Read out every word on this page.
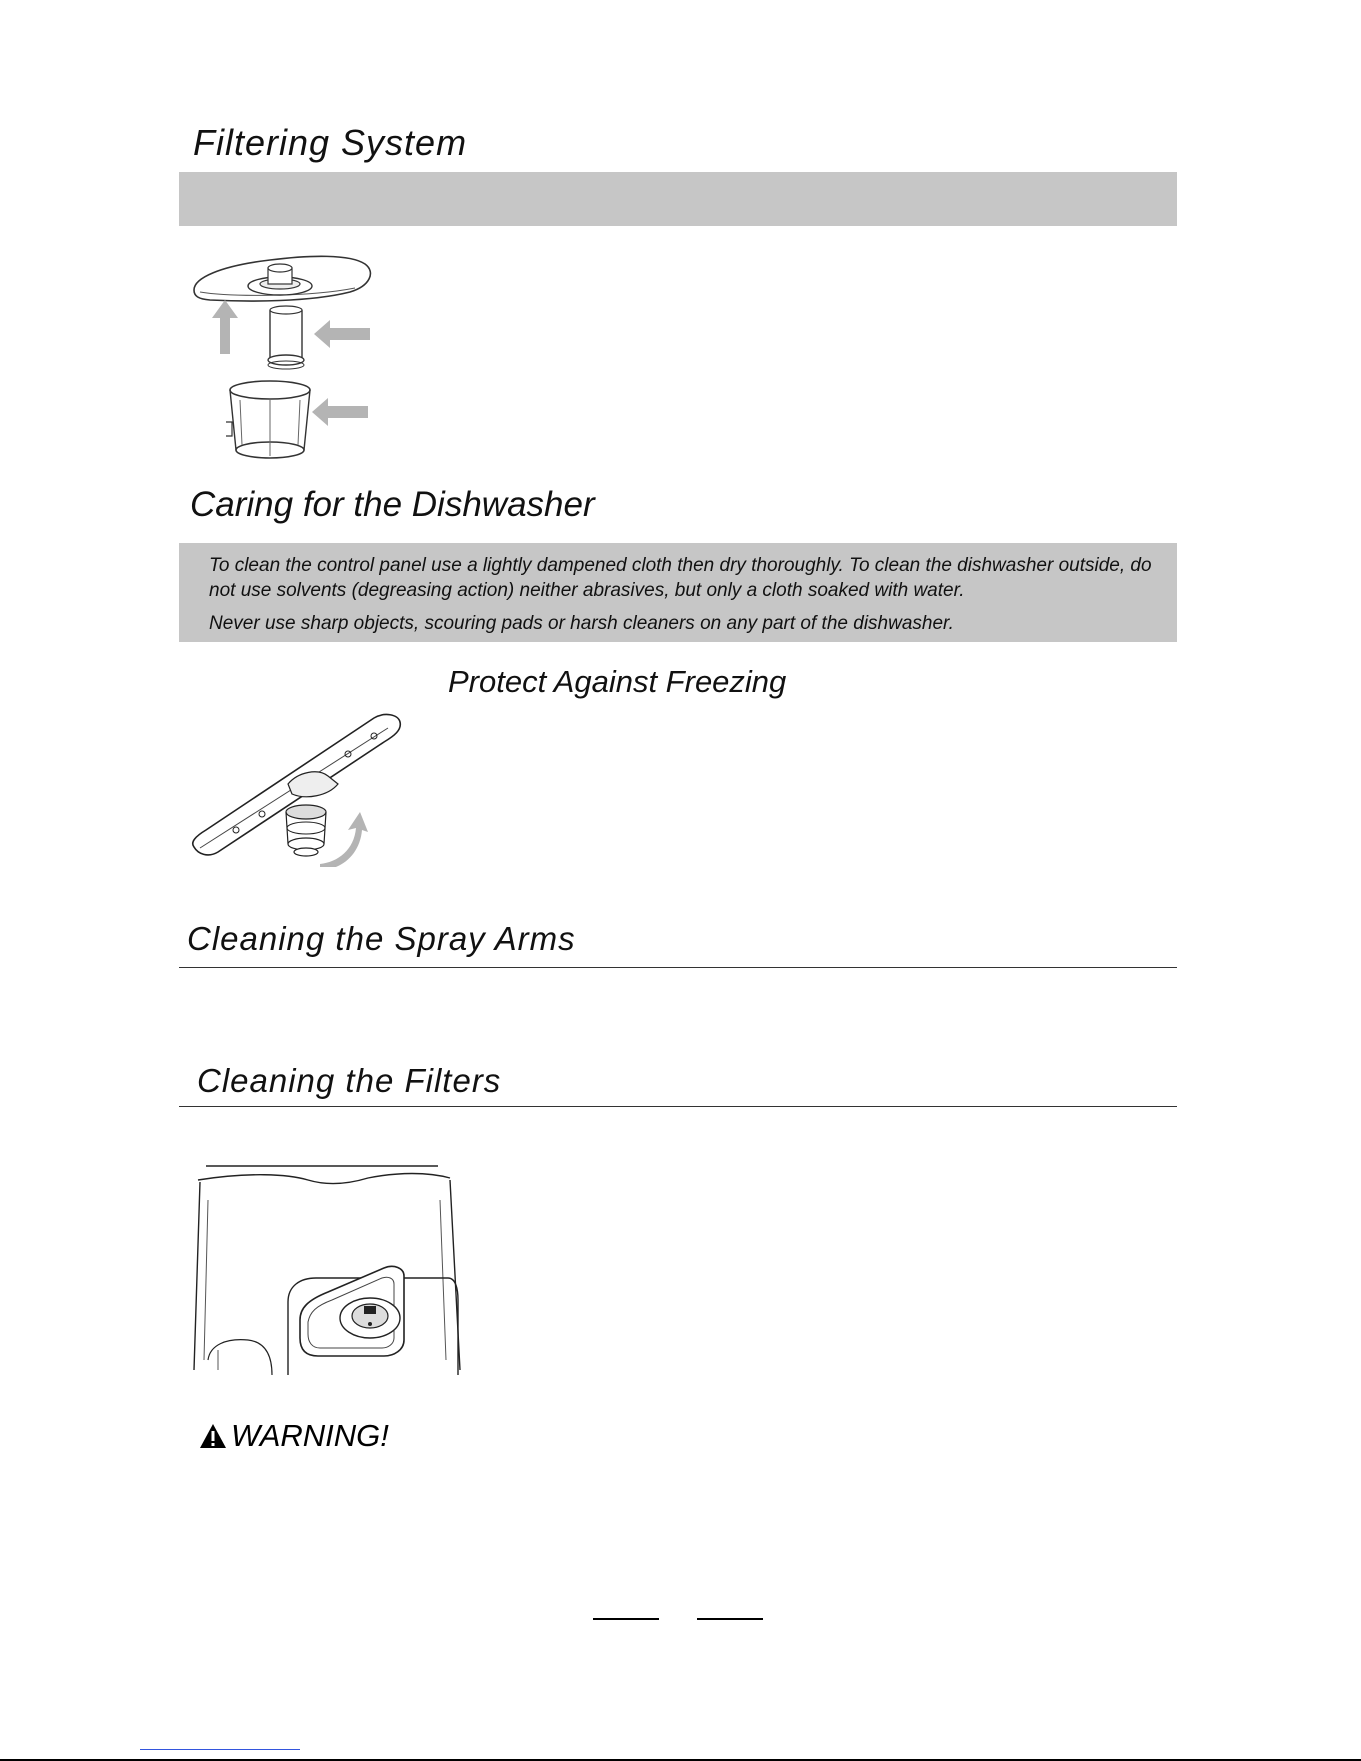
Filtering System
Caring for the Dishwasher

To clean the control panel use a lightly dampened cloth then dry thoroughly. To clean the dishwasher outside, do not use solvents (degreasing action) neither abrasives, but only a cloth soaked with water.

Never use sharp objects, scouring pads or harsh cleaners on any part of the dishwasher.

Protect Against Freezing
Cleaning the Spray Arms
Cleaning the Filters
WARNING!
